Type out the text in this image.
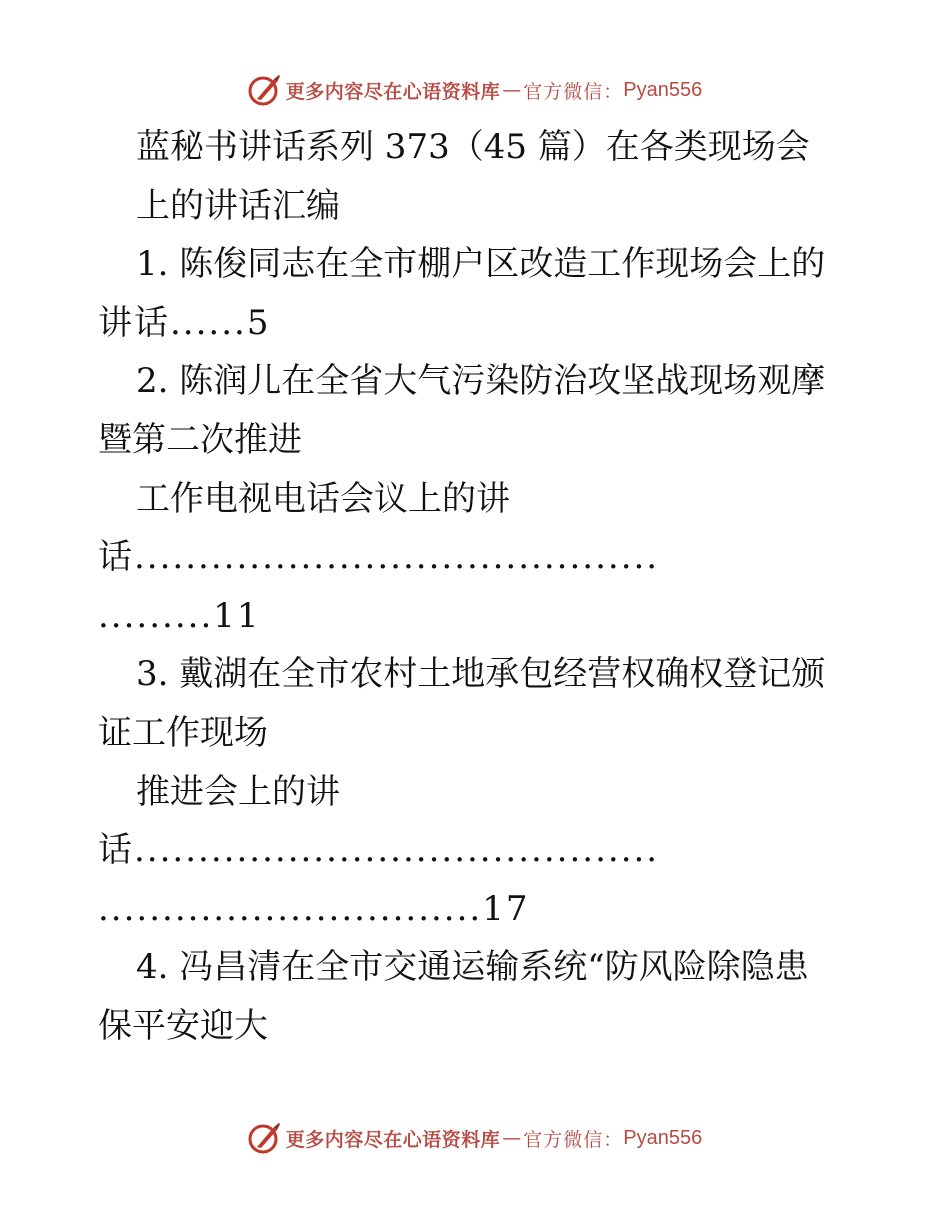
更多内容尽在心语资料库 — 官方微信： Pyan556
蓝秘书讲话系列 373（45 篇）在各类现场会
上的讲话汇编
1. 陈俊同志在全市棚户区改造工作现场会上的
讲话......5
2. 陈润儿在全省大气污染防治攻坚战现场观摩
暨第二次推进
工作电视电话会议上的讲
话.........................................
.........11
3. 戴湖在全市农村土地承包经营权确权登记颁
证工作现场
推进会上的讲
话.........................................
..............................17
4. 冯昌清在全市交通运输系统“防风险除隐患
保平安迎大
更多内容尽在心语资料库 — 官方微信： Pyan556
